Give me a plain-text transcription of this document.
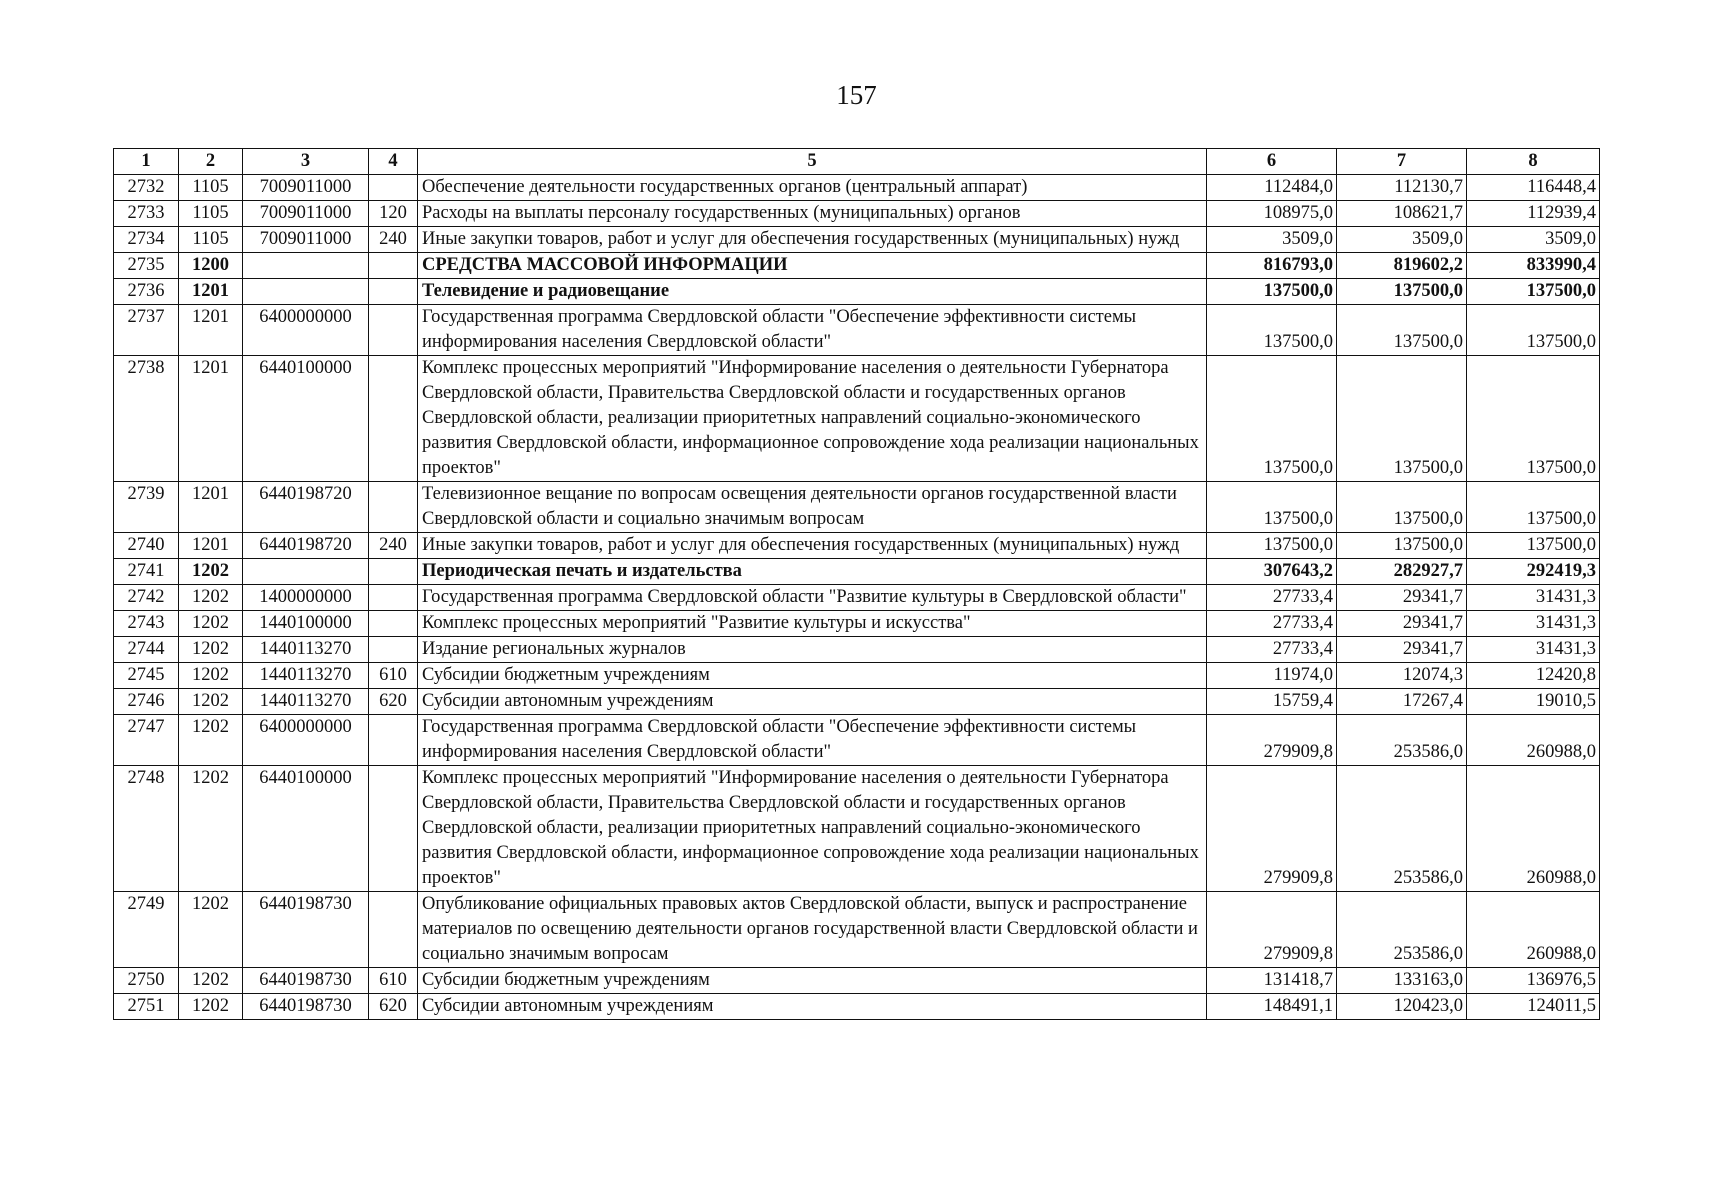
157
1	2	3	4	5	6	7	8
2732	1105	7009011000		Обеспечение деятельности государственных органов (центральный аппарат)	112484,0	112130,7	116448,4
2733	1105	7009011000	120	Расходы на выплаты персоналу государственных (муниципальных) органов	108975,0	108621,7	112939,4
2734	1105	7009011000	240	Иные закупки товаров, работ и услуг для обеспечения государственных (муниципальных) нужд	3509,0	3509,0	3509,0
2735	1200			СРЕДСТВА МАССОВОЙ ИНФОРМАЦИИ	816793,0	819602,2	833990,4
2736	1201			Телевидение и радиовещание	137500,0	137500,0	137500,0
2737	1201	6400000000		Государственная программа Свердловской области "Обеспечение эффективности системы информирования населения Свердловской области"	137500,0	137500,0	137500,0
2738	1201	6440100000		Комплекс процессных мероприятий "Информирование населения о деятельности Губернатора Свердловской области, Правительства Свердловской области и государственных органов Свердловской области, реализации приоритетных направлений социально-экономического развития Свердловской области, информационное сопровождение хода реализации национальных проектов"	137500,0	137500,0	137500,0
2739	1201	6440198720		Телевизионное вещание по вопросам освещения деятельности органов государственной власти Свердловской области и социально значимым вопросам	137500,0	137500,0	137500,0
2740	1201	6440198720	240	Иные закупки товаров, работ и услуг для обеспечения государственных (муниципальных) нужд	137500,0	137500,0	137500,0
2741	1202			Периодическая печать и издательства	307643,2	282927,7	292419,3
2742	1202	1400000000		Государственная программа Свердловской области "Развитие культуры в Свердловской области"	27733,4	29341,7	31431,3
2743	1202	1440100000		Комплекс процессных мероприятий "Развитие культуры и искусства"	27733,4	29341,7	31431,3
2744	1202	1440113270		Издание региональных журналов	27733,4	29341,7	31431,3
2745	1202	1440113270	610	Субсидии бюджетным учреждениям	11974,0	12074,3	12420,8
2746	1202	1440113270	620	Субсидии автономным учреждениям	15759,4	17267,4	19010,5
2747	1202	6400000000		Государственная программа Свердловской области "Обеспечение эффективности системы информирования населения Свердловской области"	279909,8	253586,0	260988,0
2748	1202	6440100000		Комплекс процессных мероприятий "Информирование населения о деятельности Губернатора Свердловской области, Правительства Свердловской области и государственных органов Свердловской области, реализации приоритетных направлений социально-экономического развития Свердловской области, информационное сопровождение хода реализации национальных проектов"	279909,8	253586,0	260988,0
2749	1202	6440198730		Опубликование официальных правовых актов Свердловской области, выпуск и распространение материалов по освещению деятельности органов государственной власти Свердловской области и социально значимым вопросам	279909,8	253586,0	260988,0
2750	1202	6440198730	610	Субсидии бюджетным учреждениям	131418,7	133163,0	136976,5
2751	1202	6440198730	620	Субсидии автономным учреждениям	148491,1	120423,0	124011,5
